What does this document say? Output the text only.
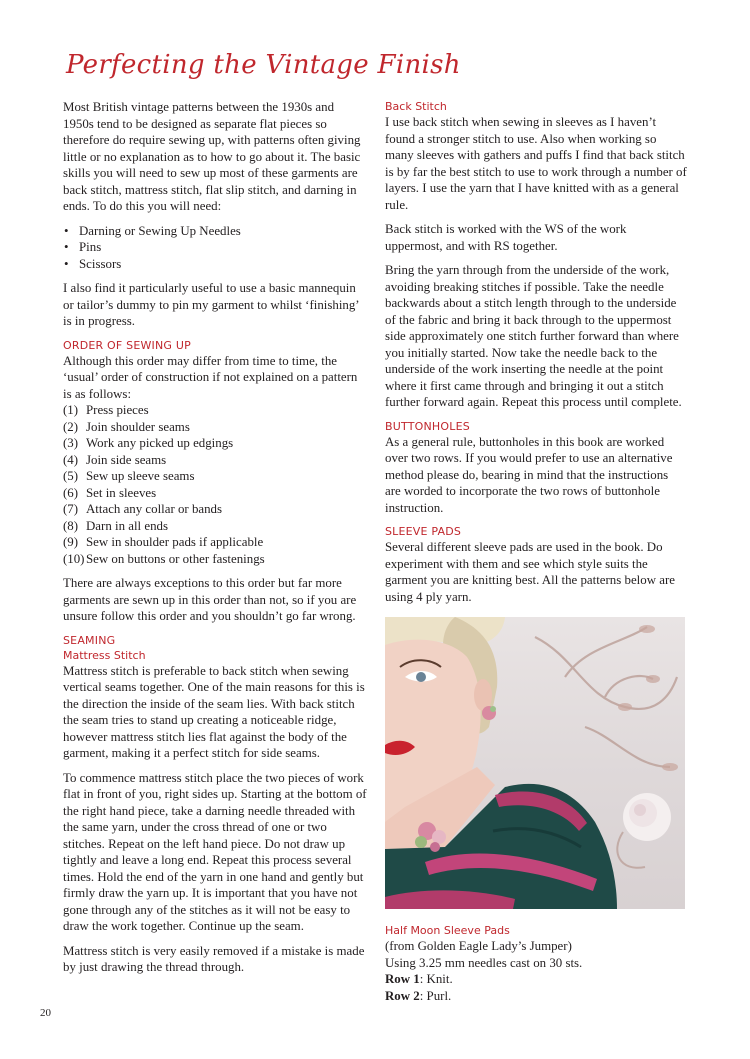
Perfecting the Vintage Finish

Most British vintage patterns between the 1930s and 1950s tend to be designed as separate flat pieces so therefore do require sewing up, with patterns often giving little or no explanation as to how to go about it. The basic skills you will need to sew up most of these garments are back stitch, mattress stitch, flat slip stitch, and darning in ends. To do this you will need:

• Darning or Sewing Up Needles
• Pins
• Scissors

I also find it particularly useful to use a basic mannequin or tailor’s dummy to pin my garment to whilst ‘finishing’ is in progress.

ORDER OF SEWING UP
Although this order may differ from time to time, the ‘usual’ order of construction if not explained on a pattern is as follows:
(1) Press pieces
(2) Join shoulder seams
(3) Work any picked up edgings
(4) Join side seams
(5) Sew up sleeve seams
(6) Set in sleeves
(7) Attach any collar or bands
(8) Darn in all ends
(9) Sew in shoulder pads if applicable
(10) Sew on buttons or other fastenings

There are always exceptions to this order but far more garments are sewn up in this order than not, so if you are unsure follow this order and you shouldn’t go far wrong.

SEAMING
Mattress Stitch

Mattress stitch is preferable to back stitch when sewing vertical seams together. One of the main reasons for this is the direction the inside of the seam lies. With back stitch the seam tries to stand up creating a noticeable ridge, however mattress stitch lies flat against the body of the garment, making it a perfect stitch for side seams.

To commence mattress stitch place the two pieces of work flat in front of you, right sides up. Starting at the bottom of the right hand piece, take a darning needle threaded with the same yarn, under the cross thread of one or two stitches. Repeat on the left hand piece. Do not draw up tightly and leave a long end. Repeat this process several times. Hold the end of the yarn in one hand and gently but firmly draw the yarn up. It is important that you have not gone through any of the stitches as it will not be easy to draw the work together. Continue up the seam.

Mattress stitch is very easily removed if a mistake is made by just drawing the thread through.

Back Stitch

I use back stitch when sewing in sleeves as I haven’t found a stronger stitch to use. Also when working so many sleeves with gathers and puffs I find that back stitch is by far the best stitch to use to work through a number of layers. I use the yarn that I have knitted with as a general rule.

Back stitch is worked with the WS of the work uppermost, and with RS together.

Bring the yarn through from the underside of the work, avoiding breaking stitches if possible. Take the needle backwards about a stitch length through to the underside of the fabric and bring it back through to the uppermost side approximately one stitch further forward than where you initially started. Now take the needle back to the underside of the work inserting the needle at the point where it first came through and bringing it out a stitch further forward again. Repeat this process until complete.

BUTTONHOLES

As a general rule, buttonholes in this book are worked over two rows. If you would prefer to use an alternative method please do, bearing in mind that the instructions are worded to incorporate the two rows of buttonhole instruction.

SLEEVE PADS

Several different sleeve pads are used in the book. Do experiment with them and see which style suits the garment you are knitting best. All the patterns below are using 4 ply yarn.

Half Moon Sleeve Pads
(from Golden Eagle Lady’s Jumper)
Using 3.25 mm needles cast on 30 sts.
Row 1: Knit.
Row 2: Purl.
20
